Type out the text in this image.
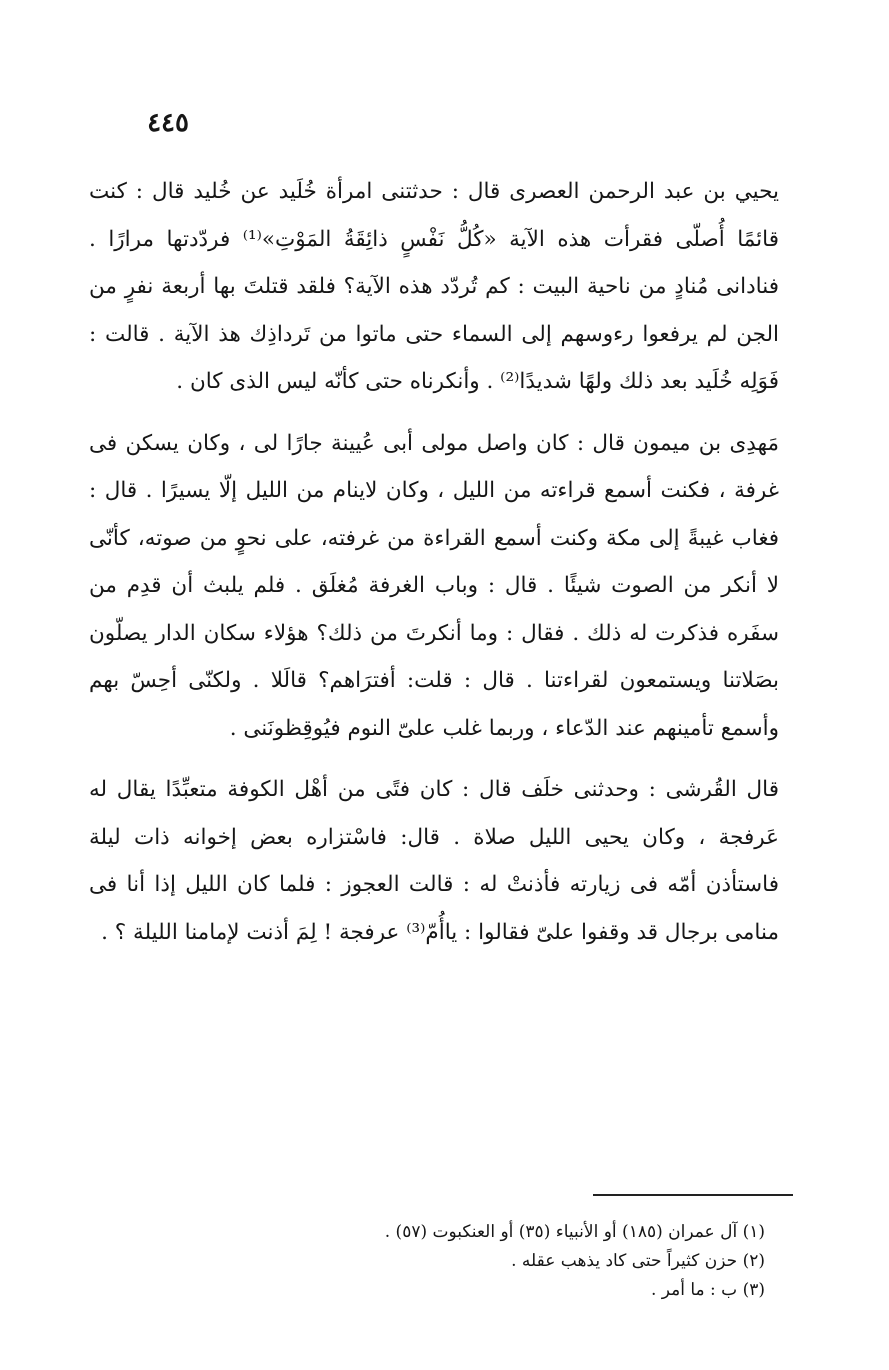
٤٤٥

يحيي بن عبد الرحمن العصرى قال : حدثتنى امرأة خُلَيد عن خُليد قال : كنت قائمًا أُصلّى فقرأت هذه الآية «كُلُّ نَفْسٍ ذائِقَةُ المَوْتِ»⁽¹⁾ فردّدتها مرارًا . فنادانى مُنادٍ من ناحية البيت : كم تُردّد هذه الآية؟ فلقد قتلتَ بها أربعة نفرٍ من الجن لم يرفعوا رءوسهم إلى السماء حتى ماتوا من تَرداذِك هذ الآية . قالت : فَوَلِه خُلَيد بعد ذلك ولهًا شديدًا⁽²⁾ . وأنكرناه حتى كأنّه ليس الذى كان .

مَهدِى بن ميمون قال : كان واصل مولى أبى عُيينة جارًا لى ، وكان يسكن فى غرفة ، فكنت أسمع قراءته من الليل ، وكان لاينام من الليل إلّا يسيرًا . قال : فغاب غيبةً إلى مكة وكنت أسمع القراءة من غرفته، على نحوٍ من صوته، كأنّى لا أنكر من الصوت شيئًا . قال : وباب الغرفة مُغلَق . فلم يلبث أن قدِم من سفَره فذكرت له ذلك . فقال : وما أنكرتَ من ذلك؟ هؤلاء سكان الدار يصلّون بصَلاتنا ويستمعون لقراءتنا . قال : قلت: أفترَاهم؟ قالَلا . ولكنّى أحِسّ بهم وأسمع تأمينهم عند الدّعاء ، وربما غلب علىّ النوم فيُوقِظونَنى .

قال القُرشى : وحدثنى خلَف قال : كان فتًى من أهْل الكوفة متعبِّدًا يقال له عَرفجة ، وكان يحيى الليل صلاة . قال: فاسْتزاره بعض إخوانه ذات ليلة فاستأذن أمّه فى زيارته فأذنتْ له : قالت العجوز : فلما كان الليل إذا أنا فى منامى برجال قد وقفوا علىّ فقالوا : ياأُمّ⁽³⁾ عرفجة ! لِمَ أذنت لإمامنا الليلة ؟ .

(١) آل عمران (١٨٥) أو الأنبياء (٣٥) أو العنكبوت (٥٧) .

(٢) حزن كثيراً حتى كاد يذهب عقله .

(٣) ب : ما أمر .
